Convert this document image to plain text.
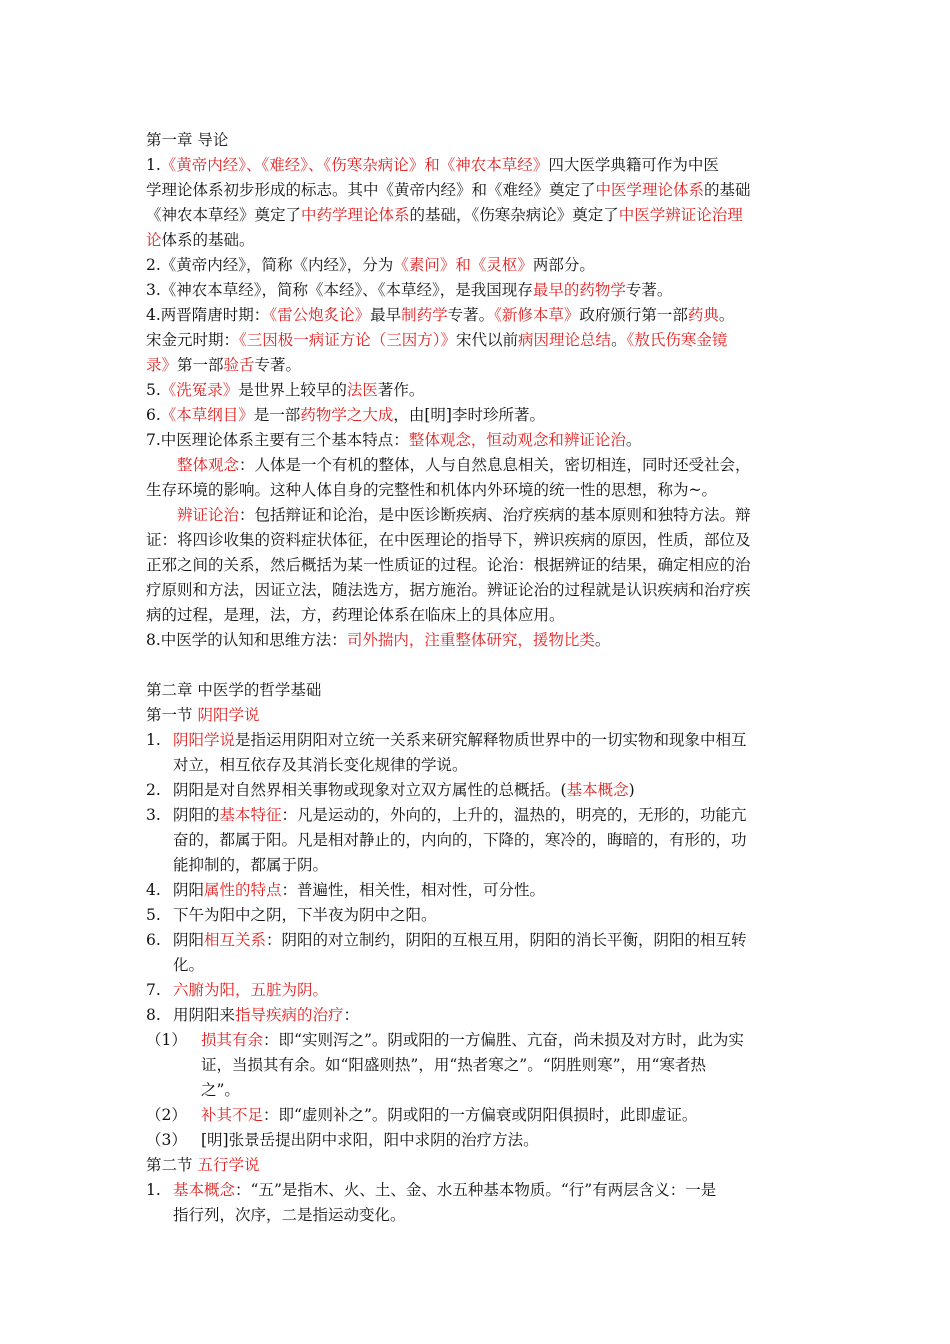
第一章 导论
1.《黄帝内经》、《难经》、《伤寒杂病论》和《神农本草经》四大医学典籍可作为中医
学理论体系初步形成的标志。其中《黄帝内经》和《难经》奠定了中医学理论体系的基础
《神农本草经》奠定了中药学理论体系的基础，《伤寒杂病论》奠定了中医学辨证论治理
论体系的基础。
2.《黄帝内经》，简称《内经》，分为《素问》和《灵枢》两部分。
3.《神农本草经》，简称《本经》、《本草经》，是我国现存最早的药物学专著。
4.两晋隋唐时期：《雷公炮炙论》最早制药学专著。《新修本草》政府颁行第一部药典。
宋金元时期：《三因极一病证方论（三因方）》宋代以前病因理论总结。《敖氏伤寒金镜
录》第一部验舌专著。
5.《洗冤录》是世界上较早的法医著作。
6.《本草纲目》是一部药物学之大成，由[明]李时珍所著。
7.中医理论体系主要有三个基本特点：整体观念，恒动观念和辨证论治。
整体观念：人体是一个有机的整体，人与自然息息相关，密切相连，同时还受社会，
生存环境的影响。这种人体自身的完整性和机体内外环境的统一性的思想，称为~。
辨证论治：包括辩证和论治，是中医诊断疾病、治疗疾病的基本原则和独特方法。辩
证：将四诊收集的资料症状体征，在中医理论的指导下，辨识疾病的原因，性质，部位及
正邪之间的关系，然后概括为某一性质证的过程。论治：根据辨证的结果，确定相应的治
疗原则和方法，因证立法，随法选方，据方施治。辨证论治的过程就是认识疾病和治疗疾
病的过程，是理，法，方，药理论体系在临床上的具体应用。
8.中医学的认知和思维方法：司外揣内，注重整体研究，援物比类。
第二章 中医学的哲学基础
第一节 阴阳学说
1. 阴阳学说是指运用阴阳对立统一关系来研究解释物质世界中的一切实物和现象中相互
对立，相互依存及其消长变化规律的学说。
2. 阴阳是对自然界相关事物或现象对立双方属性的总概括。(基本概念)
3. 阴阳的基本特征：凡是运动的，外向的，上升的，温热的，明亮的，无形的，功能亢
奋的，都属于阳。凡是相对静止的，内向的，下降的，寒冷的，晦暗的，有形的，功
能抑制的，都属于阴。
4. 阴阳属性的特点：普遍性，相关性，相对性，可分性。
5. 下午为阳中之阴，下半夜为阴中之阳。
6. 阴阳相互关系：阴阳的对立制约，阴阳的互根互用，阴阳的消长平衡，阴阳的相互转
化。
7. 六腑为阳，五脏为阴。
8. 用阴阳来指导疾病的治疗：
（1） 损其有余：即“实则泻之”。阴或阳的一方偏胜、亢奋，尚未损及对方时，此为实
证，当损其有余。如“阳盛则热”，用“热者寒之”。“阴胜则寒”，用“寒者热
之”。
（2） 补其不足：即“虚则补之”。阴或阳的一方偏衰或阴阳俱损时，此即虚证。
（3） [明]张景岳提出阴中求阳，阳中求阴的治疗方法。
第二节 五行学说
1. 基本概念：“五”是指木、火、土、金、水五种基本物质。“行”有两层含义：一是
指行列，次序，二是指运动变化。
